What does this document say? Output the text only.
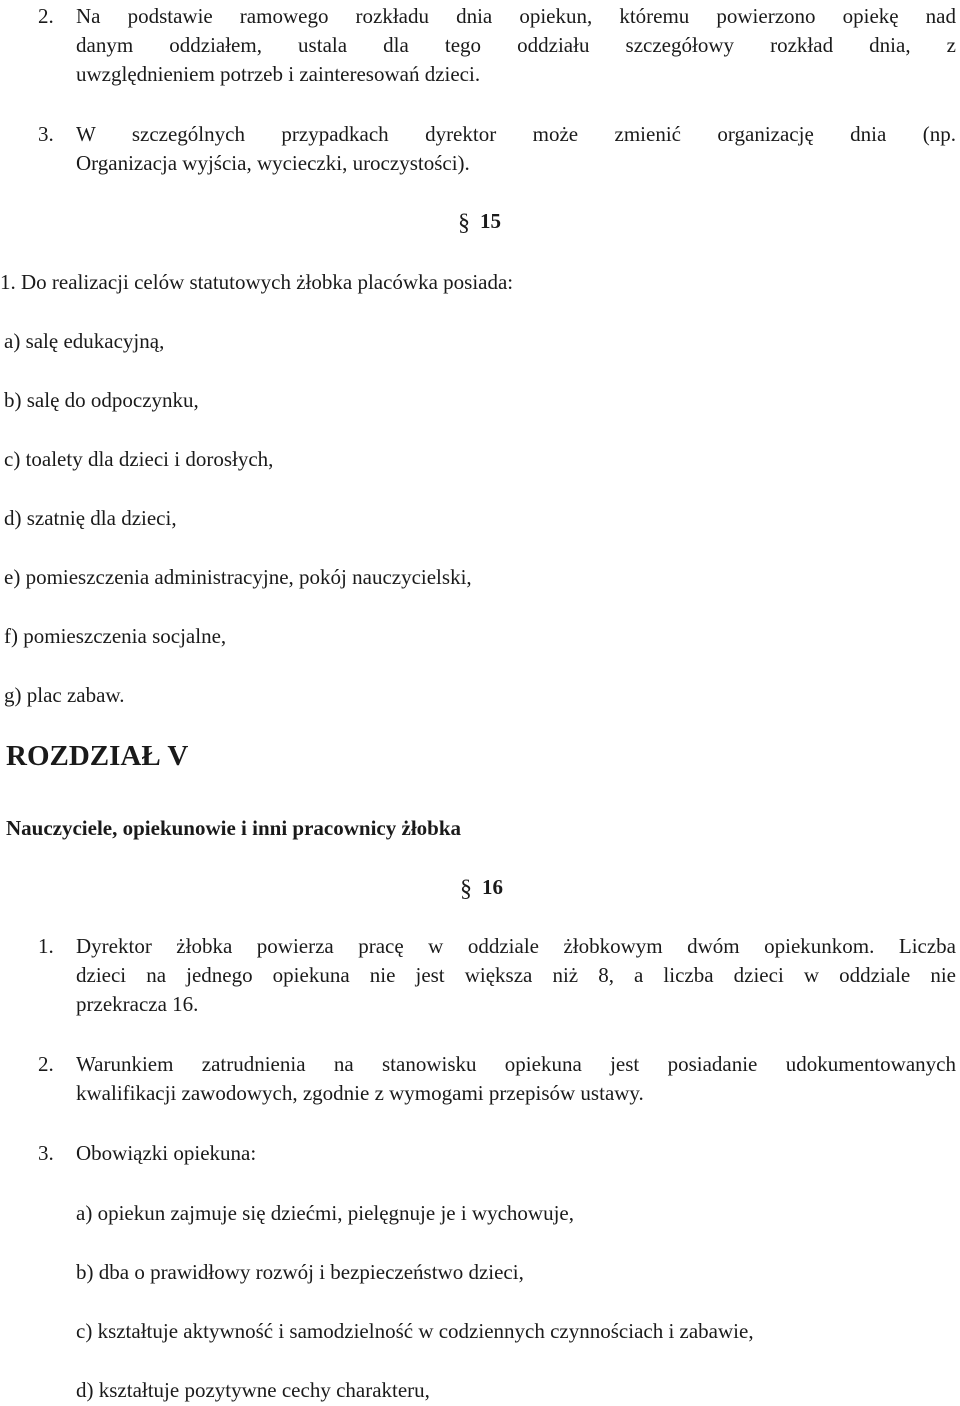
2. Na podstawie ramowego rozkładu dnia opiekun, któremu powierzono opiekę nad
danym oddziałem, ustala dla tego oddziału szczegółowy rozkład dnia, z
uwzględnieniem potrzeb i zainteresowań dzieci.
3. W szczególnych przypadkach dyrektor może zmienić organizację dnia (np.
Organizacja wyjścia, wycieczki, uroczystości).
§ 15
1. Do realizacji celów statutowych żłobka placówka posiada:
a) salę edukacyjną,
b) salę do odpoczynku,
c) toalety dla dzieci i dorosłych,
d) szatnię dla dzieci,
e) pomieszczenia administracyjne, pokój nauczycielski,
f) pomieszczenia socjalne,
g) plac zabaw.
ROZDZIAŁ V
Nauczyciele, opiekunowie i inni pracownicy żłobka
§ 16
1. Dyrektor żłobka powierza pracę w oddziale żłobkowym dwóm opiekunkom. Liczba
dzieci na jednego opiekuna nie jest większa niż 8, a liczba dzieci w oddziale nie
przekracza 16.
2. Warunkiem zatrudnienia na stanowisku opiekuna jest posiadanie udokumentowanych
kwalifikacji zawodowych, zgodnie z wymogami przepisów ustawy.
3. Obowiązki opiekuna:
a) opiekun zajmuje się dziećmi, pielęgnuje je i wychowuje,
b) dba o prawidłowy rozwój i bezpieczeństwo dzieci,
c) kształtuje aktywność i samodzielność w codziennych czynnościach i zabawie,
d) kształtuje pozytywne cechy charakteru,
